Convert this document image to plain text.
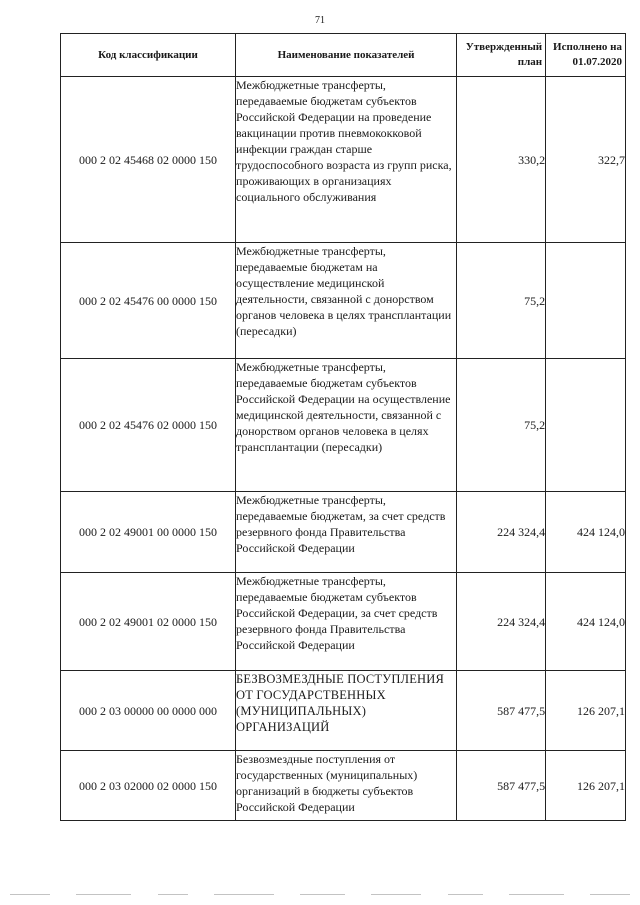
71
Код классификации	Наименование показателей	Утвержденный план	Исполнено на 01.07.2020
000 2 02 45468 02 0000 150	Межбюджетные трансферты, передаваемые бюджетам субъектов Российской Федерации на проведение вакцинации против пневмококковой инфекции граждан старше трудоспособного возраста из групп риска, проживающих в организациях социального обслуживания	330,2	322,7
000 2 02 45476 00 0000 150	Межбюджетные трансферты, передаваемые бюджетам на осуществление медицинской деятельности, связанной с донорством органов человека в целях трансплантации (пересадки)	75,2	
000 2 02 45476 02 0000 150	Межбюджетные трансферты, передаваемые бюджетам субъектов Российской Федерации на осуществление медицинской деятельности, связанной с донорством органов человека в целях трансплантации (пересадки)	75,2	
000 2 02 49001 00 0000 150	Межбюджетные трансферты, передаваемые бюджетам, за счет средств резервного фонда Правительства Российской Федерации	224 324,4	424 124,0
000 2 02 49001 02 0000 150	Межбюджетные трансферты, передаваемые бюджетам субъектов Российской Федерации, за счет средств резервного фонда Правительства Российской Федерации	224 324,4	424 124,0
000 2 03 00000 00 0000 000	БЕЗВОЗМЕЗДНЫЕ ПОСТУПЛЕНИЯ ОТ ГОСУДАРСТВЕННЫХ (МУНИЦИПАЛЬНЫХ) ОРГАНИЗАЦИЙ	587 477,5	126 207,1
000 2 03 02000 02 0000 150	Безвозмездные поступления от государственных (муниципальных) организаций в бюджеты субъектов Российской Федерации	587 477,5	126 207,1
